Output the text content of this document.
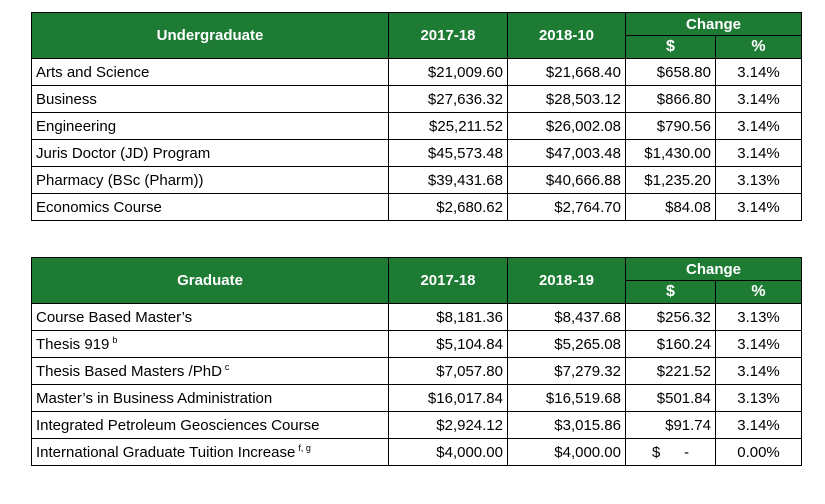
Undergraduate	2017-18	2018-10	Change	
			$	%
Arts and Science	$21,009.60	$21,668.40	$658.80	3.14%
Business	$27,636.32	$28,503.12	$866.80	3.14%
Engineering	$25,211.52	$26,002.08	$790.56	3.14%
Juris Doctor (JD) Program	$45,573.48	$47,003.48	$1,430.00	3.14%
Pharmacy (BSc (Pharm))	$39,431.68	$40,666.88	$1,235.20	3.13%
Economics Course	$2,680.62	$2,764.70	$84.08	3.14%
Graduate	2017-18	2018-19	Change	
			$	%
Course Based Master’s	$8,181.36	$8,437.68	$256.32	3.13%
Thesis 919 $^b$	$5,104.84	$5,265.08	$160.24	3.14%
Thesis Based Masters /PhD $^c$	$7,057.80	$7,279.32	$221.52	3.14%
Master’s in Business Administration	$16,017.84	$16,519.68	$501.84	3.13%
Integrated Petroleum Geosciences Course	$2,924.12	$3,015.86	$91.74	3.14%
International Graduate Tuition Increase $^{f, g}$	$4,000.00	$4,000.00	$ -	0.00%
